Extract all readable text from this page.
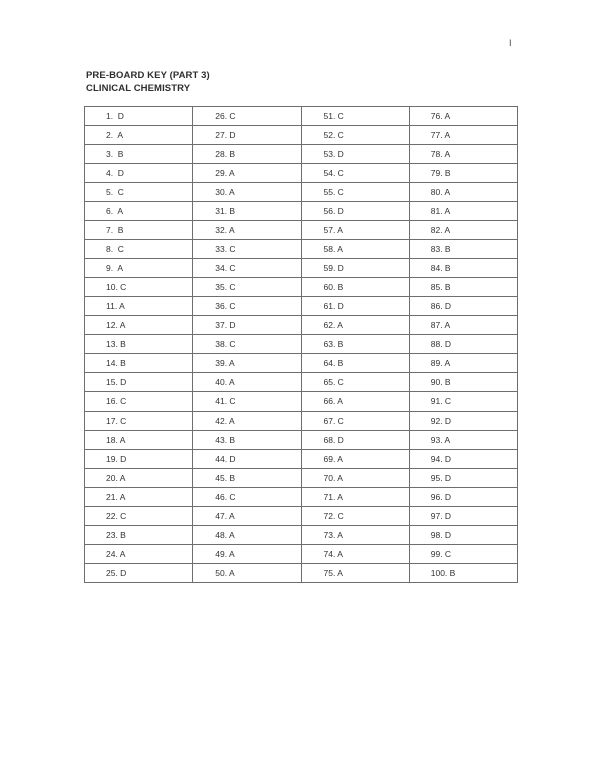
I
PRE-BOARD KEY (PART 3)
CLINICAL CHEMISTRY
1.  D	26. C	51. C	76. A
2.  A	27. D	52. C	77. A
3.  B	28. B	53. D	78. A
4.  D	29. A	54. C	79. B
5.  C	30. A	55. C	80. A
6.  A	31. B	56. D	81. A
7.  B	32. A	57. A	82. A
8.  C	33. C	58. A	83. B
9.  A	34. C	59. D	84. B
10. C	35. C	60. B	85. B
11. A	36. C	61. D	86. D
12. A	37. D	62. A	87. A
13. B	38. C	63. B	88. D
14. B	39. A	64. B	89. A
15. D	40. A	65. C	90. B
16. C	41. C	66. A	91. C
17. C	42. A	67. C	92. D
18. A	43. B	68. D	93. A
19. D	44. D	69. A	94. D
20. A	45. B	70. A	95. D
21. A	46. C	71. A	96. D
22. C	47. A	72. C	97. D
23. B	48. A	73. A	98. D
24. A	49. A	74. A	99. C
25. D	50. A	75. A	100. B
